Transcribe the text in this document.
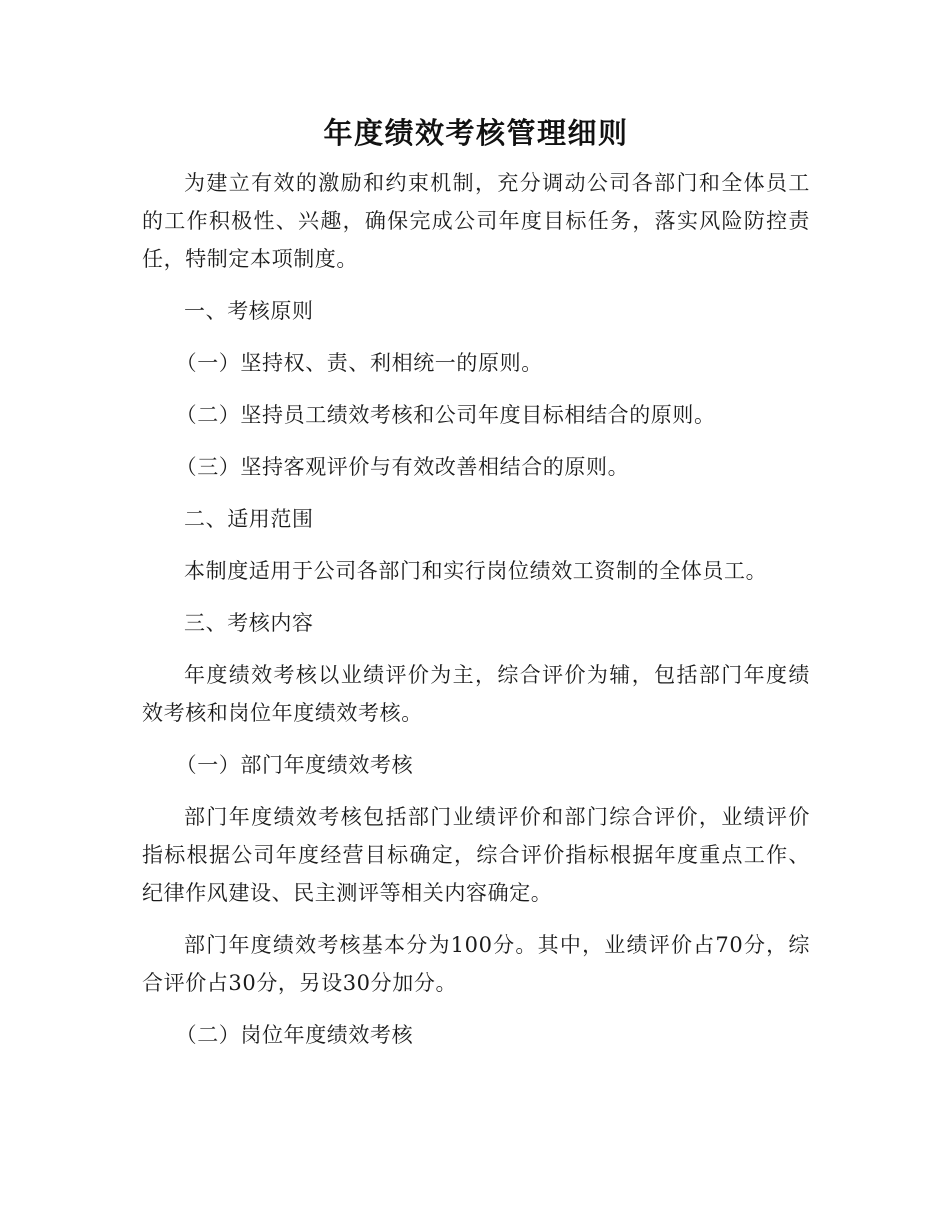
年度绩效考核管理细则

为建立有效的激励和约束机制，充分调动公司各部门和全体员工的工作积极性、兴趣，确保完成公司年度目标任务，落实风险防控责任，特制定本项制度。

一、考核原则

（一）坚持权、责、利相统一的原则。

（二）坚持员工绩效考核和公司年度目标相结合的原则。

（三）坚持客观评价与有效改善相结合的原则。

二、适用范围

本制度适用于公司各部门和实行岗位绩效工资制的全体员工。

三、考核内容

年度绩效考核以业绩评价为主，综合评价为辅，包括部门年度绩效考核和岗位年度绩效考核。

（一）部门年度绩效考核

部门年度绩效考核包括部门业绩评价和部门综合评价，业绩评价指标根据公司年度经营目标确定，综合评价指标根据年度重点工作、纪律作风建设、民主测评等相关内容确定。

部门年度绩效考核基本分为100分。其中，业绩评价占70分，综合评价占30分，另设30分加分。

（二）岗位年度绩效考核
